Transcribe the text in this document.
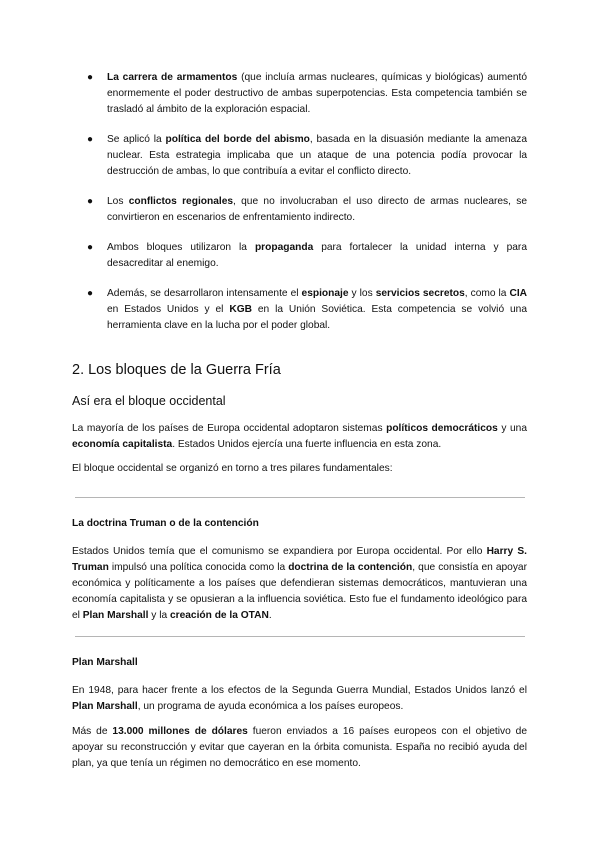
● La carrera de armamentos (que incluía armas nucleares, químicas y biológicas) aumentó enormemente el poder destructivo de ambas superpotencias. Esta competencia también se trasladó al ámbito de la exploración espacial.
● Se aplicó la política del borde del abismo, basada en la disuasión mediante la amenaza nuclear. Esta estrategia implicaba que un ataque de una potencia podía provocar la destrucción de ambas, lo que contribuía a evitar el conflicto directo.
● Los conflictos regionales, que no involucraban el uso directo de armas nucleares, se convirtieron en escenarios de enfrentamiento indirecto.
● Ambos bloques utilizaron la propaganda para fortalecer la unidad interna y para desacreditar al enemigo.
● Además, se desarrollaron intensamente el espionaje y los servicios secretos, como la CIA en Estados Unidos y el KGB en la Unión Soviética. Esta competencia se volvió una herramienta clave en la lucha por el poder global.
2. Los bloques de la Guerra Fría
Así era el bloque occidental

La mayoría de los países de Europa occidental adoptaron sistemas políticos democráticos y una economía capitalista. Estados Unidos ejercía una fuerte influencia en esta zona.

El bloque occidental se organizó en torno a tres pilares fundamentales:

La doctrina Truman o de la contención

Estados Unidos temía que el comunismo se expandiera por Europa occidental. Por ello Harry S. Truman impulsó una política conocida como la doctrina de la contención, que consistía en apoyar económica y políticamente a los países que defendieran sistemas democráticos, mantuvieran una economía capitalista y se opusieran a la influencia soviética. Esto fue el fundamento ideológico para el Plan Marshall y la creación de la OTAN.

Plan Marshall

En 1948, para hacer frente a los efectos de la Segunda Guerra Mundial, Estados Unidos lanzó el Plan Marshall, un programa de ayuda económica a los países europeos.

Más de 13.000 millones de dólares fueron enviados a 16 países europeos con el objetivo de apoyar su reconstrucción y evitar que cayeran en la órbita comunista. España no recibió ayuda del plan, ya que tenía un régimen no democrático en ese momento.
